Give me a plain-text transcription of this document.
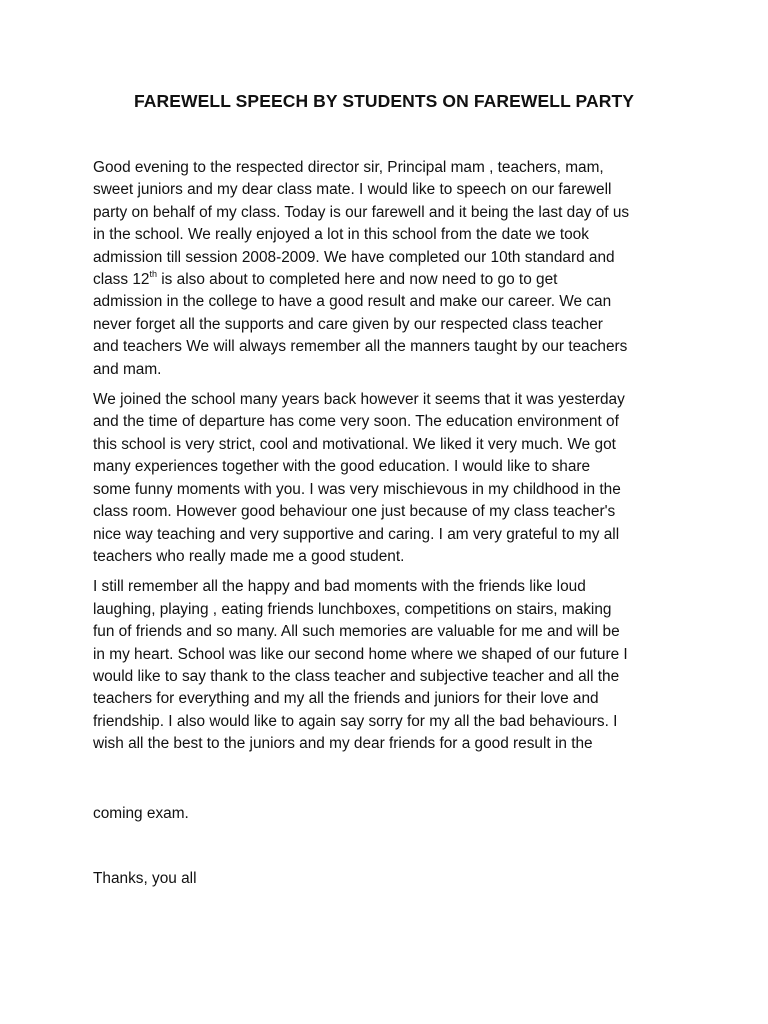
FAREWELL SPEECH BY STUDENTS ON FAREWELL PARTY
Good evening to the respected director sir, Principal mam , teachers, mam,
sweet juniors and my dear class mate. I would like to speech on our farewell
party on behalf of my class. Today is our farewell and it being the last day of us
in the school. We really enjoyed a lot in this school from the date we took
admission till session 2008-2009. We have completed our 10th standard and
class 12th is also about to completed here and now need to go to get
admission in the college to have a good result and make our career. We can
never forget all the supports and care given by our respected class teacher
and teachers We will always remember all the manners taught by our teachers
and mam.
We joined the school many years back however it seems that it was yesterday
and the time of departure has come very soon. The education environment of
this school is very strict, cool and motivational. We liked it very much. We got
many experiences together with the good education. I would like to share
some funny moments with you. I was very mischievous in my childhood in the
class room. However good behaviour one just because of my class teacher's
nice way teaching and very supportive and caring. I am very grateful to my all
teachers who really made me a good student.
I still remember all the happy and bad moments with the friends like loud
laughing, playing , eating friends lunchboxes, competitions on stairs, making
fun of friends and so many. All such memories are valuable for me and will be
in my heart. School was like our second home where we shaped of our future I
would like to say thank to the class teacher and subjective teacher and all the
teachers for everything and my all the friends and juniors for their love and
friendship. I also would like to again say sorry for my all the bad behaviours. I
wish all the best to the juniors and my dear friends for a good result in the
coming exam.
Thanks, you all
